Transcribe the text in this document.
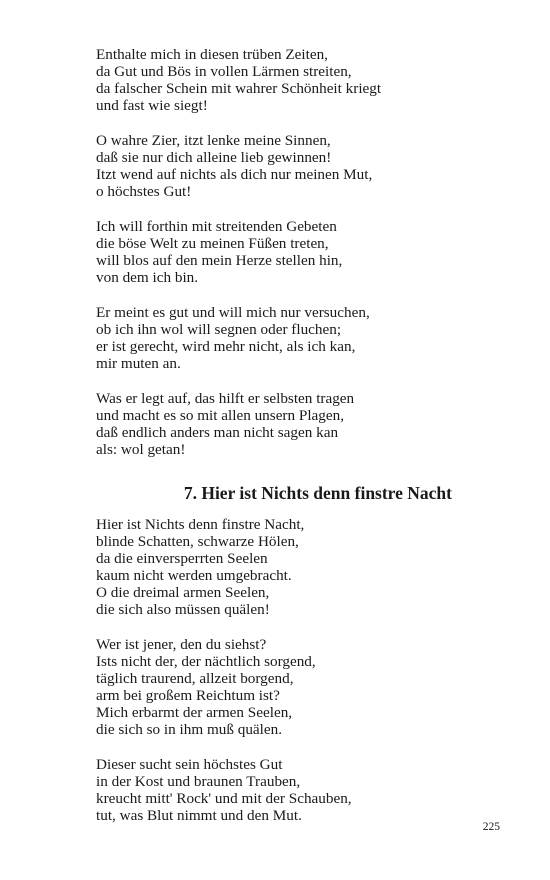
Enthalte mich in diesen trüben Zeiten,
da Gut und Bös in vollen Lärmen streiten,
da falscher Schein mit wahrer Schönheit kriegt
und fast wie siegt!
O wahre Zier, itzt lenke meine Sinnen,
daß sie nur dich alleine lieb gewinnen!
Itzt wend auf nichts als dich nur meinen Mut,
o höchstes Gut!
Ich will forthin mit streitenden Gebeten
die böse Welt zu meinen Füßen treten,
will blos auf den mein Herze stellen hin,
von dem ich bin.
Er meint es gut und will mich nur versuchen,
ob ich ihn wol will segnen oder fluchen;
er ist gerecht, wird mehr nicht, als ich kan,
mir muten an.
Was er legt auf, das hilft er selbsten tragen
und macht es so mit allen unsern Plagen,
daß endlich anders man nicht sagen kan
als: wol getan!
7. Hier ist Nichts denn finstre Nacht
Hier ist Nichts denn finstre Nacht,
blinde Schatten, schwarze Hölen,
da die einversperrten Seelen
kaum nicht werden umgebracht.
O die dreimal armen Seelen,
die sich also müssen quälen!
Wer ist jener, den du siehst?
Ists nicht der, der nächtlich sorgend,
täglich traurend, allzeit borgend,
arm bei großem Reichtum ist?
Mich erbarmt der armen Seelen,
die sich so in ihm muß quälen.
Dieser sucht sein höchstes Gut
in der Kost und braunen Trauben,
kreucht mitt' Rock' und mit der Schauben,
tut, was Blut nimmt und den Mut.
225
